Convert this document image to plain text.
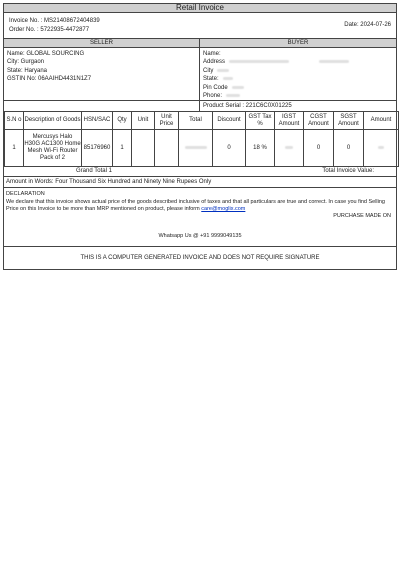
Retail Invoice
Invoice No. : MS21408672404839
Order No. : 5722935-4472877
Date: 2024-07-26
SELLER
Name: GLOBAL SOURCING
City: Gurgaon
State: Haryana
GSTIN No: 06AAIHD4431N1Z7
BUYER
Name:
Address
City
State:
Pin Code
Phone:
Product Serial : 221C6C0X01225
S.N o	Description of Goods	HSN/SAC	Qty	Unit	Unit Price	Total	Discount	GST Tax %	IGST Amount	CGST Amount	SGST Amount	Amount
1	Mercusys Halo H30G AC1300 Home Mesh Wi-Fi Router Pack of 2	85176960	1				0	18 %		0	0	
Grand Total 1	Total Invoice Value:
Amount in Words: Four Thousand Six Hundred and Ninety Nine Rupees Only
DECLARATION
We declare that this invoice shows actual price of the goods described inclusive of taxes and that all particulars are true and correct. In case you find Selling Price on this Invoice to be more than MRP mentioned on product, please inform care@moglix.com
PURCHASE MADE ON
Whatsapp Us @ +91 9999049135
THIS IS A COMPUTER GENERATED INVOICE AND DOES NOT REQUIRE SIGNATURE
